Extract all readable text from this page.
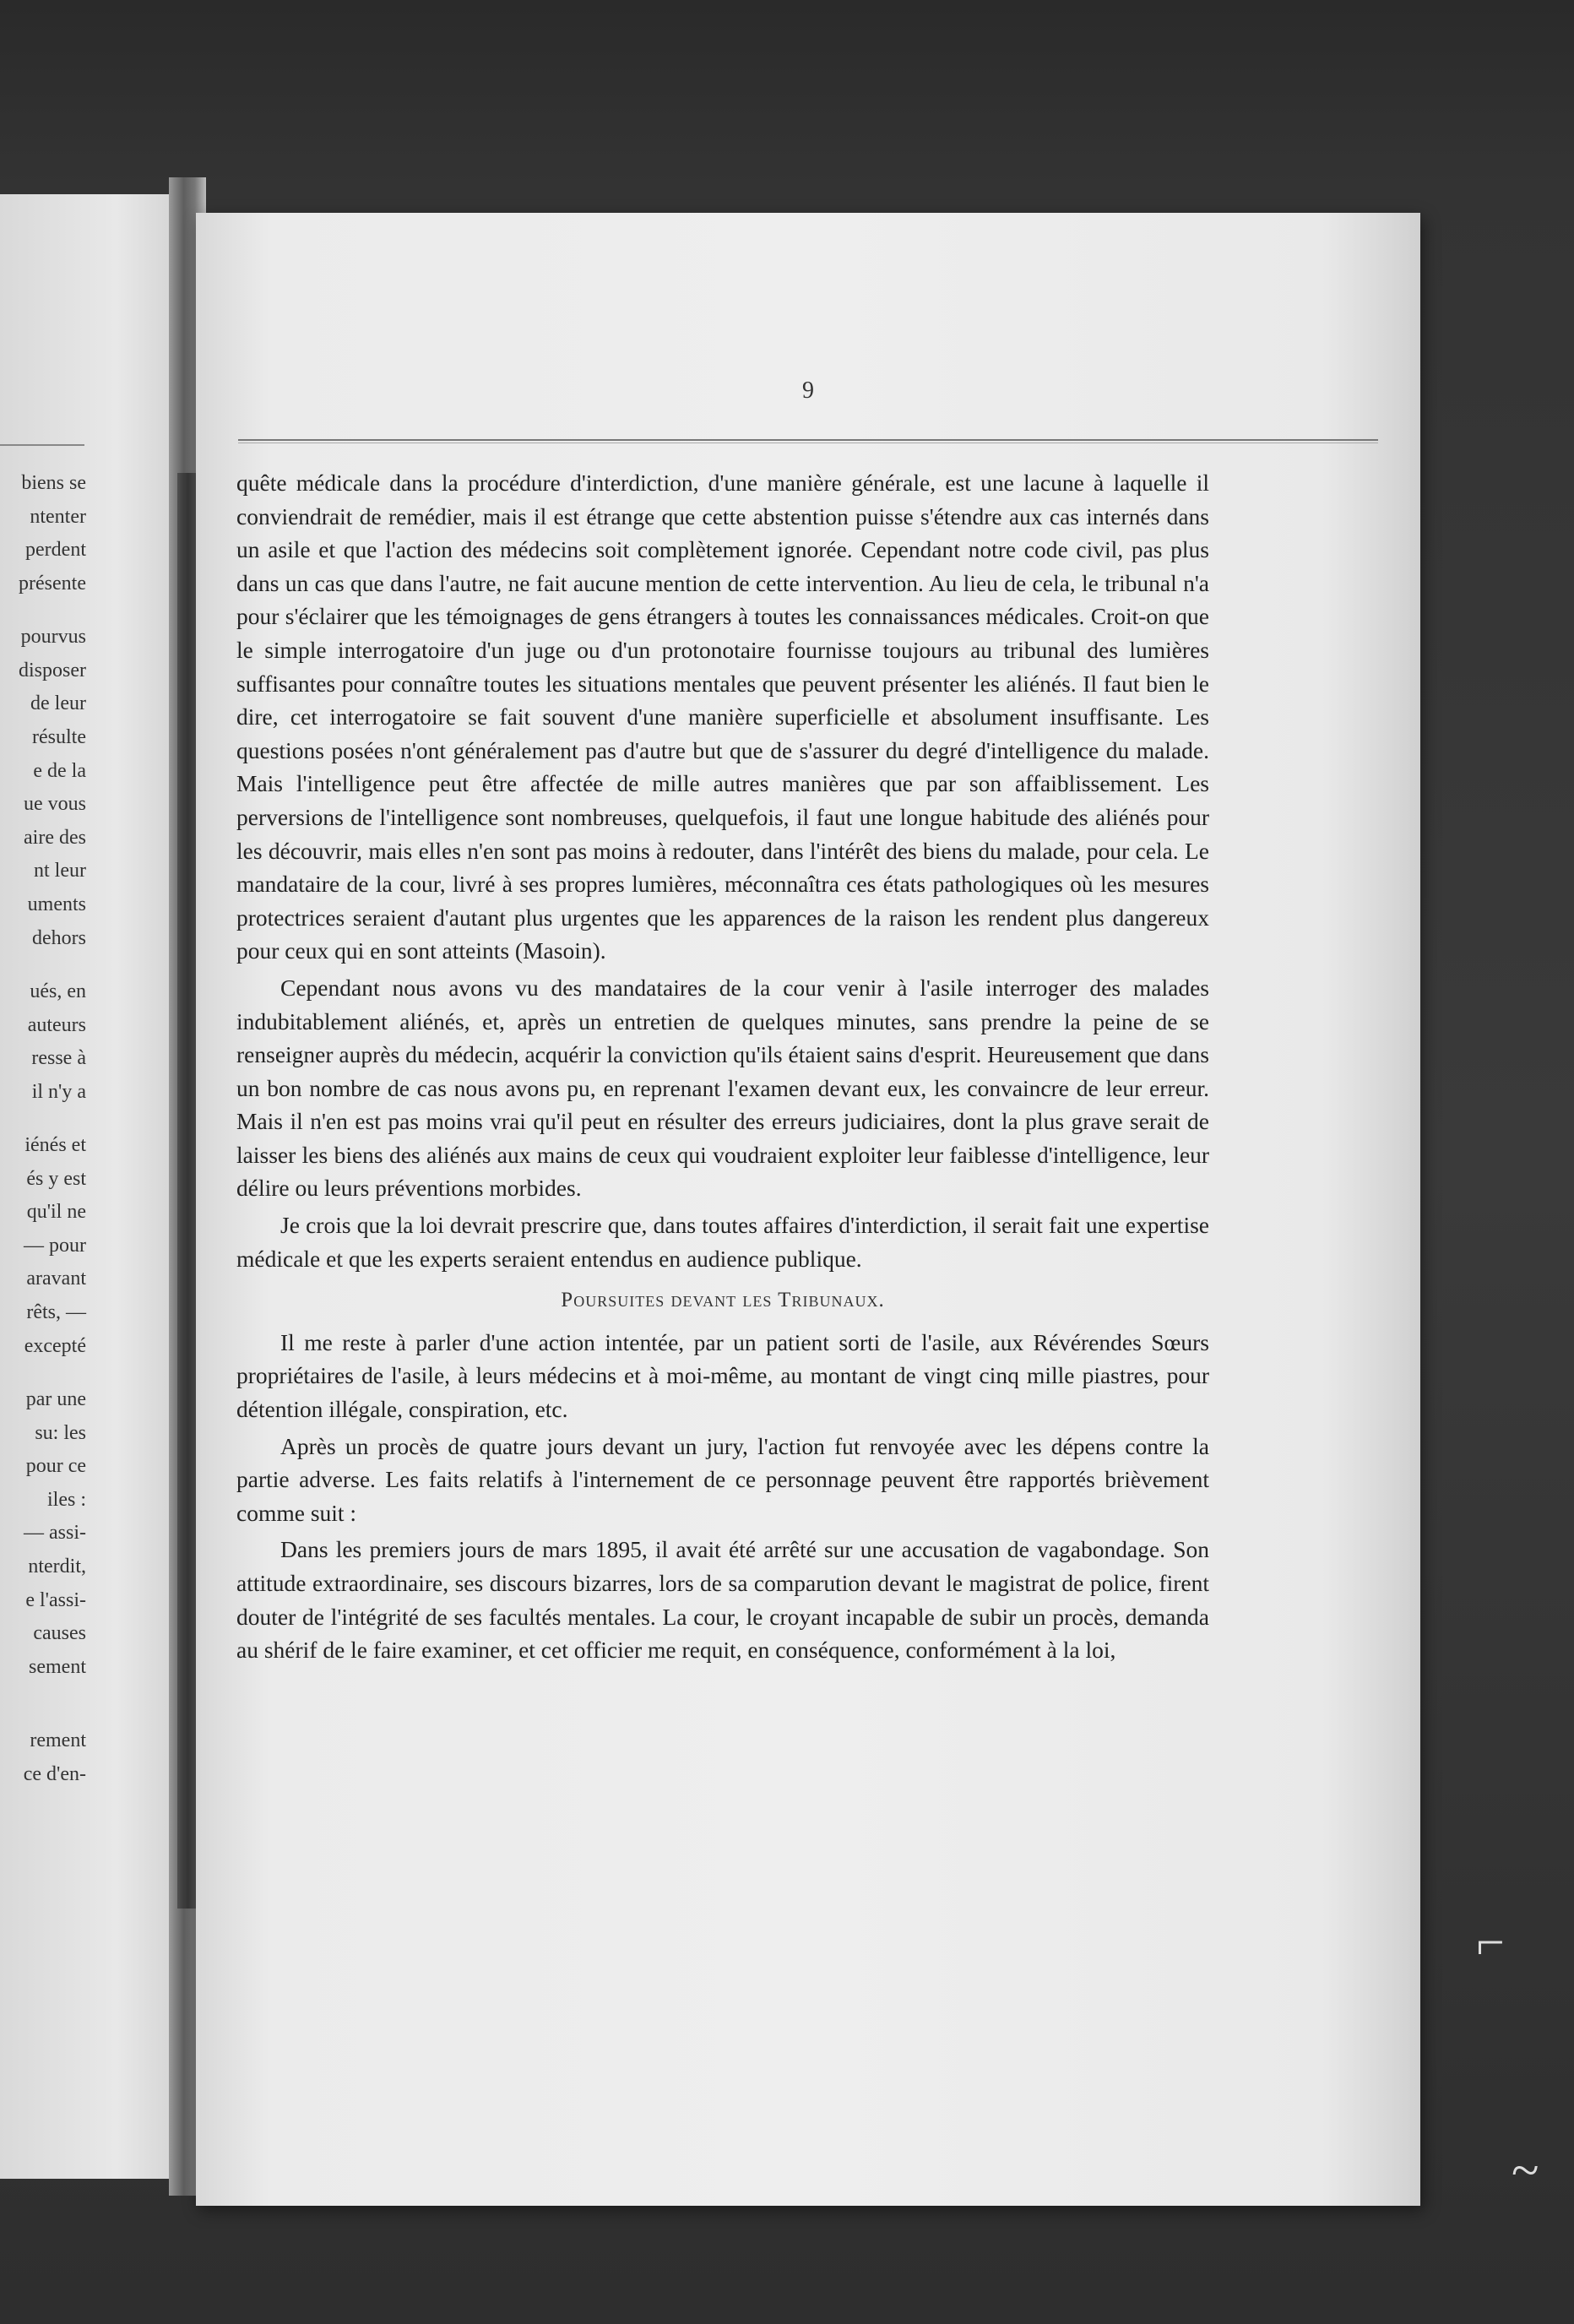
biens se
ntenter
perdent
présente
pourvus
disposer
de leur
résulte
e de la
ue vous
aire des
nt leur
uments
dehors
ués, en
auteurs
resse à
il n'y a
iénés et
és y est
qu'il ne
— pour
aravant
rêts, —
excepté
par une
su: les
pour ce
iles :
— assi-
nterdit,
e l'assi-
causes
sement
rement
ce d'en-
9

quête médicale dans la procédure d'interdiction, d'une manière générale, est une lacune à laquelle il conviendrait de remédier, mais il est étrange que cette abstention puisse s'étendre aux cas internés dans un asile et que l'action des médecins soit complètement ignorée. Cependant notre code civil, pas plus dans un cas que dans l'autre, ne fait aucune mention de cette intervention. Au lieu de cela, le tribunal n'a pour s'éclairer que les témoignages de gens étrangers à toutes les connaissances médicales. Croit-on que le simple interrogatoire d'un juge ou d'un protonotaire fournisse toujours au tribunal des lumières suffisantes pour connaître toutes les situations mentales que peuvent présenter les aliénés. Il faut bien le dire, cet interrogatoire se fait souvent d'une manière superficielle et absolument insuffisante. Les questions posées n'ont généralement pas d'autre but que de s'assurer du degré d'intelligence du malade. Mais l'intelligence peut être affectée de mille autres manières que par son affaiblissement. Les perversions de l'intelligence sont nombreuses, quelquefois, il faut une longue habitude des aliénés pour les découvrir, mais elles n'en sont pas moins à redouter, dans l'intérêt des biens du malade, pour cela. Le mandataire de la cour, livré à ses propres lumières, méconnaîtra ces états pathologiques où les mesures protectrices seraient d'autant plus urgentes que les apparences de la raison les rendent plus dangereux pour ceux qui en sont atteints (Masoin).

Cependant nous avons vu des mandataires de la cour venir à l'asile interroger des malades indubitablement aliénés, et, après un entretien de quelques minutes, sans prendre la peine de se renseigner auprès du médecin, acquérir la conviction qu'ils étaient sains d'esprit. Heureusement que dans un bon nombre de cas nous avons pu, en reprenant l'examen devant eux, les convaincre de leur erreur. Mais il n'en est pas moins vrai qu'il peut en résulter des erreurs judiciaires, dont la plus grave serait de laisser les biens des aliénés aux mains de ceux qui voudraient exploiter leur faiblesse d'intelligence, leur délire ou leurs préventions morbides.

Je crois que la loi devrait prescrire que, dans toutes affaires d'interdiction, il serait fait une expertise médicale et que les experts seraient entendus en audience publique.

Poursuites devant les Tribunaux.

Il me reste à parler d'une action intentée, par un patient sorti de l'asile, aux Révérendes Sœurs propriétaires de l'asile, à leurs médecins et à moi-même, au montant de vingt cinq mille piastres, pour détention illégale, conspiration, etc.

Après un procès de quatre jours devant un jury, l'action fut renvoyée avec les dépens contre la partie adverse. Les faits relatifs à l'internement de ce personnage peuvent être rapportés brièvement comme suit :

Dans les premiers jours de mars 1895, il avait été arrêté sur une accusation de vagabondage. Son attitude extraordinaire, ses discours bizarres, lors de sa comparution devant le magistrat de police, firent douter de l'intégrité de ses facultés mentales. La cour, le croyant incapable de subir un procès, demanda au shérif de le faire examiner, et cet officier me requit, en conséquence, conformément à la loi,

⌐
~
